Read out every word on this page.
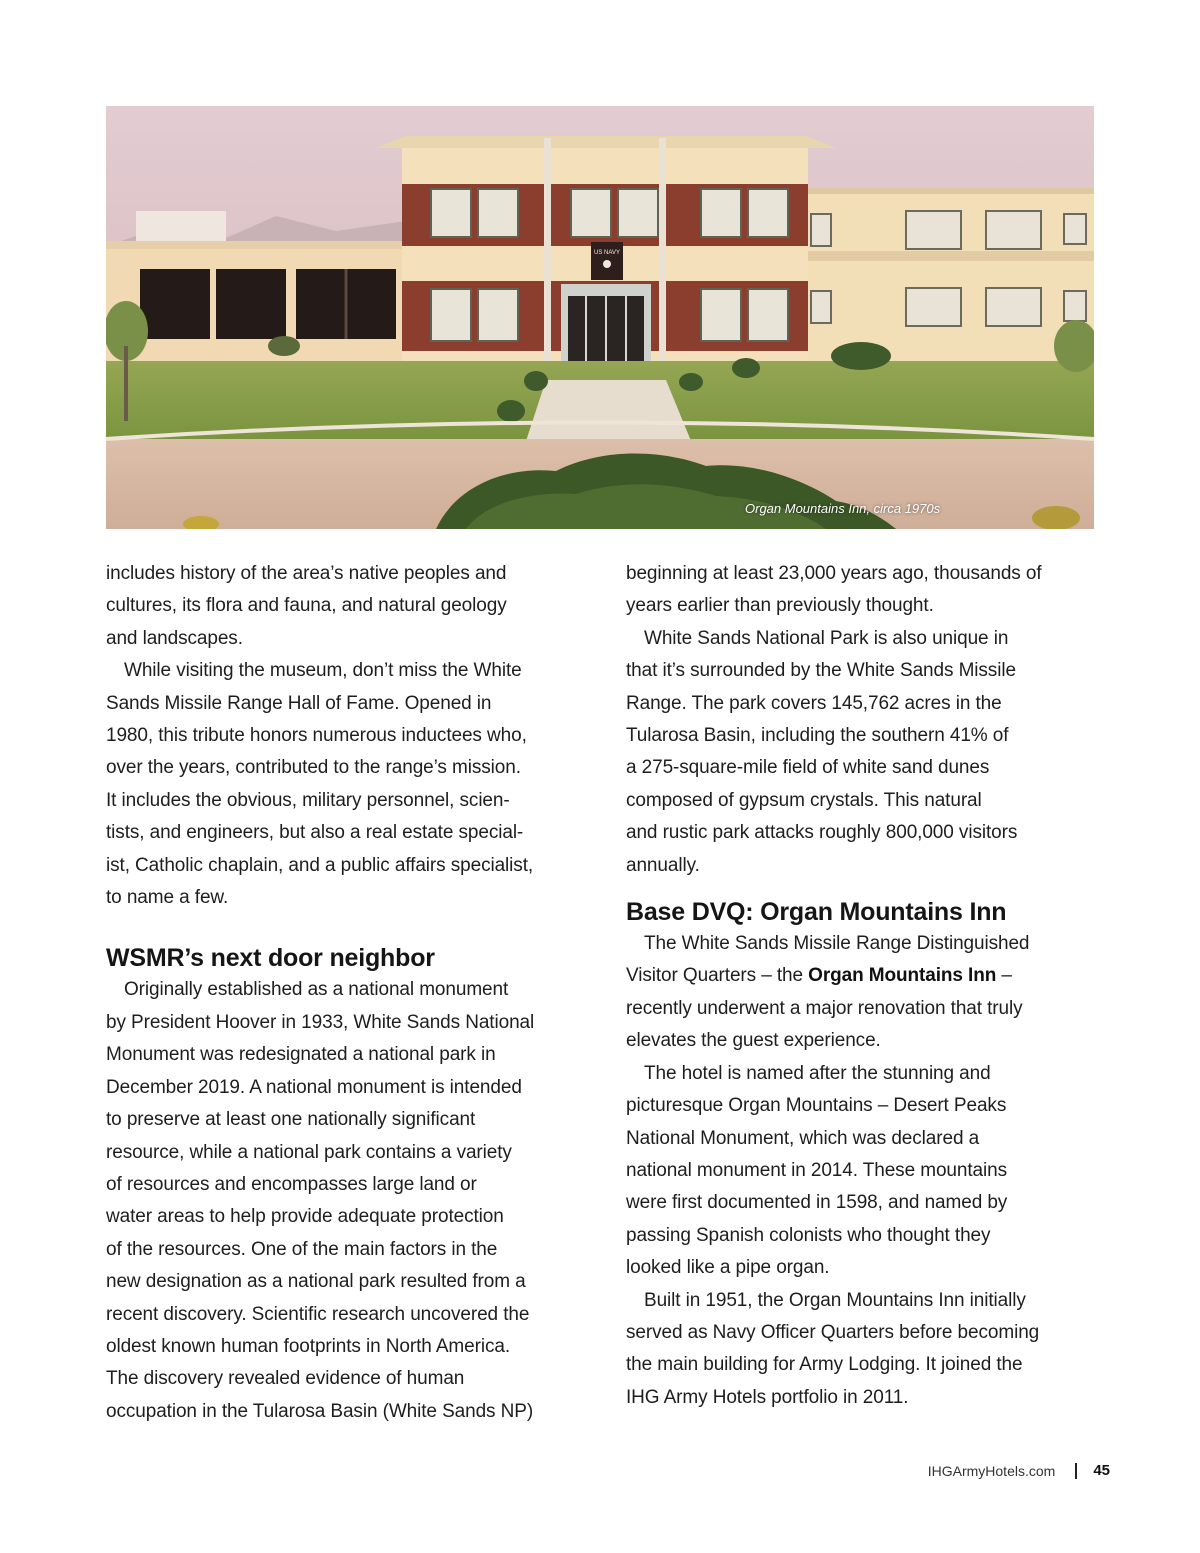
US NAVY
Organ Mountains Inn, circa 1970s
includes history of the area’s native peoples and
cultures, its flora and fauna, and natural geology
and landscapes.
While visiting the museum, don’t miss the White
Sands Missile Range Hall of Fame. Opened in
1980, this tribute honors numerous inductees who,
over the years, contributed to the range’s mission.
It includes the obvious, military personnel, scien-
tists, and engineers, but also a real estate special-
ist, Catholic chaplain, and a public affairs specialist,
to name a few.
WSMR’s next door neighbor
Originally established as a national monument
by President Hoover in 1933, White Sands National
Monument was redesignated a national park in
December 2019. A national monument is intended
to preserve at least one nationally significant
resource, while a national park contains a variety
of resources and encompasses large land or
water areas to help provide adequate protection
of the resources. One of the main factors in the
new designation as a national park resulted from a
recent discovery. Scientific research uncovered the
oldest known human footprints in North America.
The discovery revealed evidence of human
occupation in the Tularosa Basin (White Sands NP)
beginning at least 23,000 years ago, thousands of
years earlier than previously thought.
White Sands National Park is also unique in
that it’s surrounded by the White Sands Missile
Range. The park covers 145,762 acres in the
Tularosa Basin, including the southern 41% of
a 275-square-mile field of white sand dunes
composed of gypsum crystals. This natural
and rustic park attacks roughly 800,000 visitors
annually.
Base DVQ: Organ Mountains Inn
The White Sands Missile Range Distinguished
Visitor Quarters – the Organ Mountains Inn –
recently underwent a major renovation that truly
elevates the guest experience.
The hotel is named after the stunning and
picturesque Organ Mountains – Desert Peaks
National Monument, which was declared a
national monument in 2014. These mountains
were first documented in 1598, and named by
passing Spanish colonists who thought they
looked like a pipe organ.
Built in 1951, the Organ Mountains Inn initially
served as Navy Officer Quarters before becoming
the main building for Army Lodging. It joined the
IHG Army Hotels portfolio in 2011.
IHGArmyHotels.com	45
